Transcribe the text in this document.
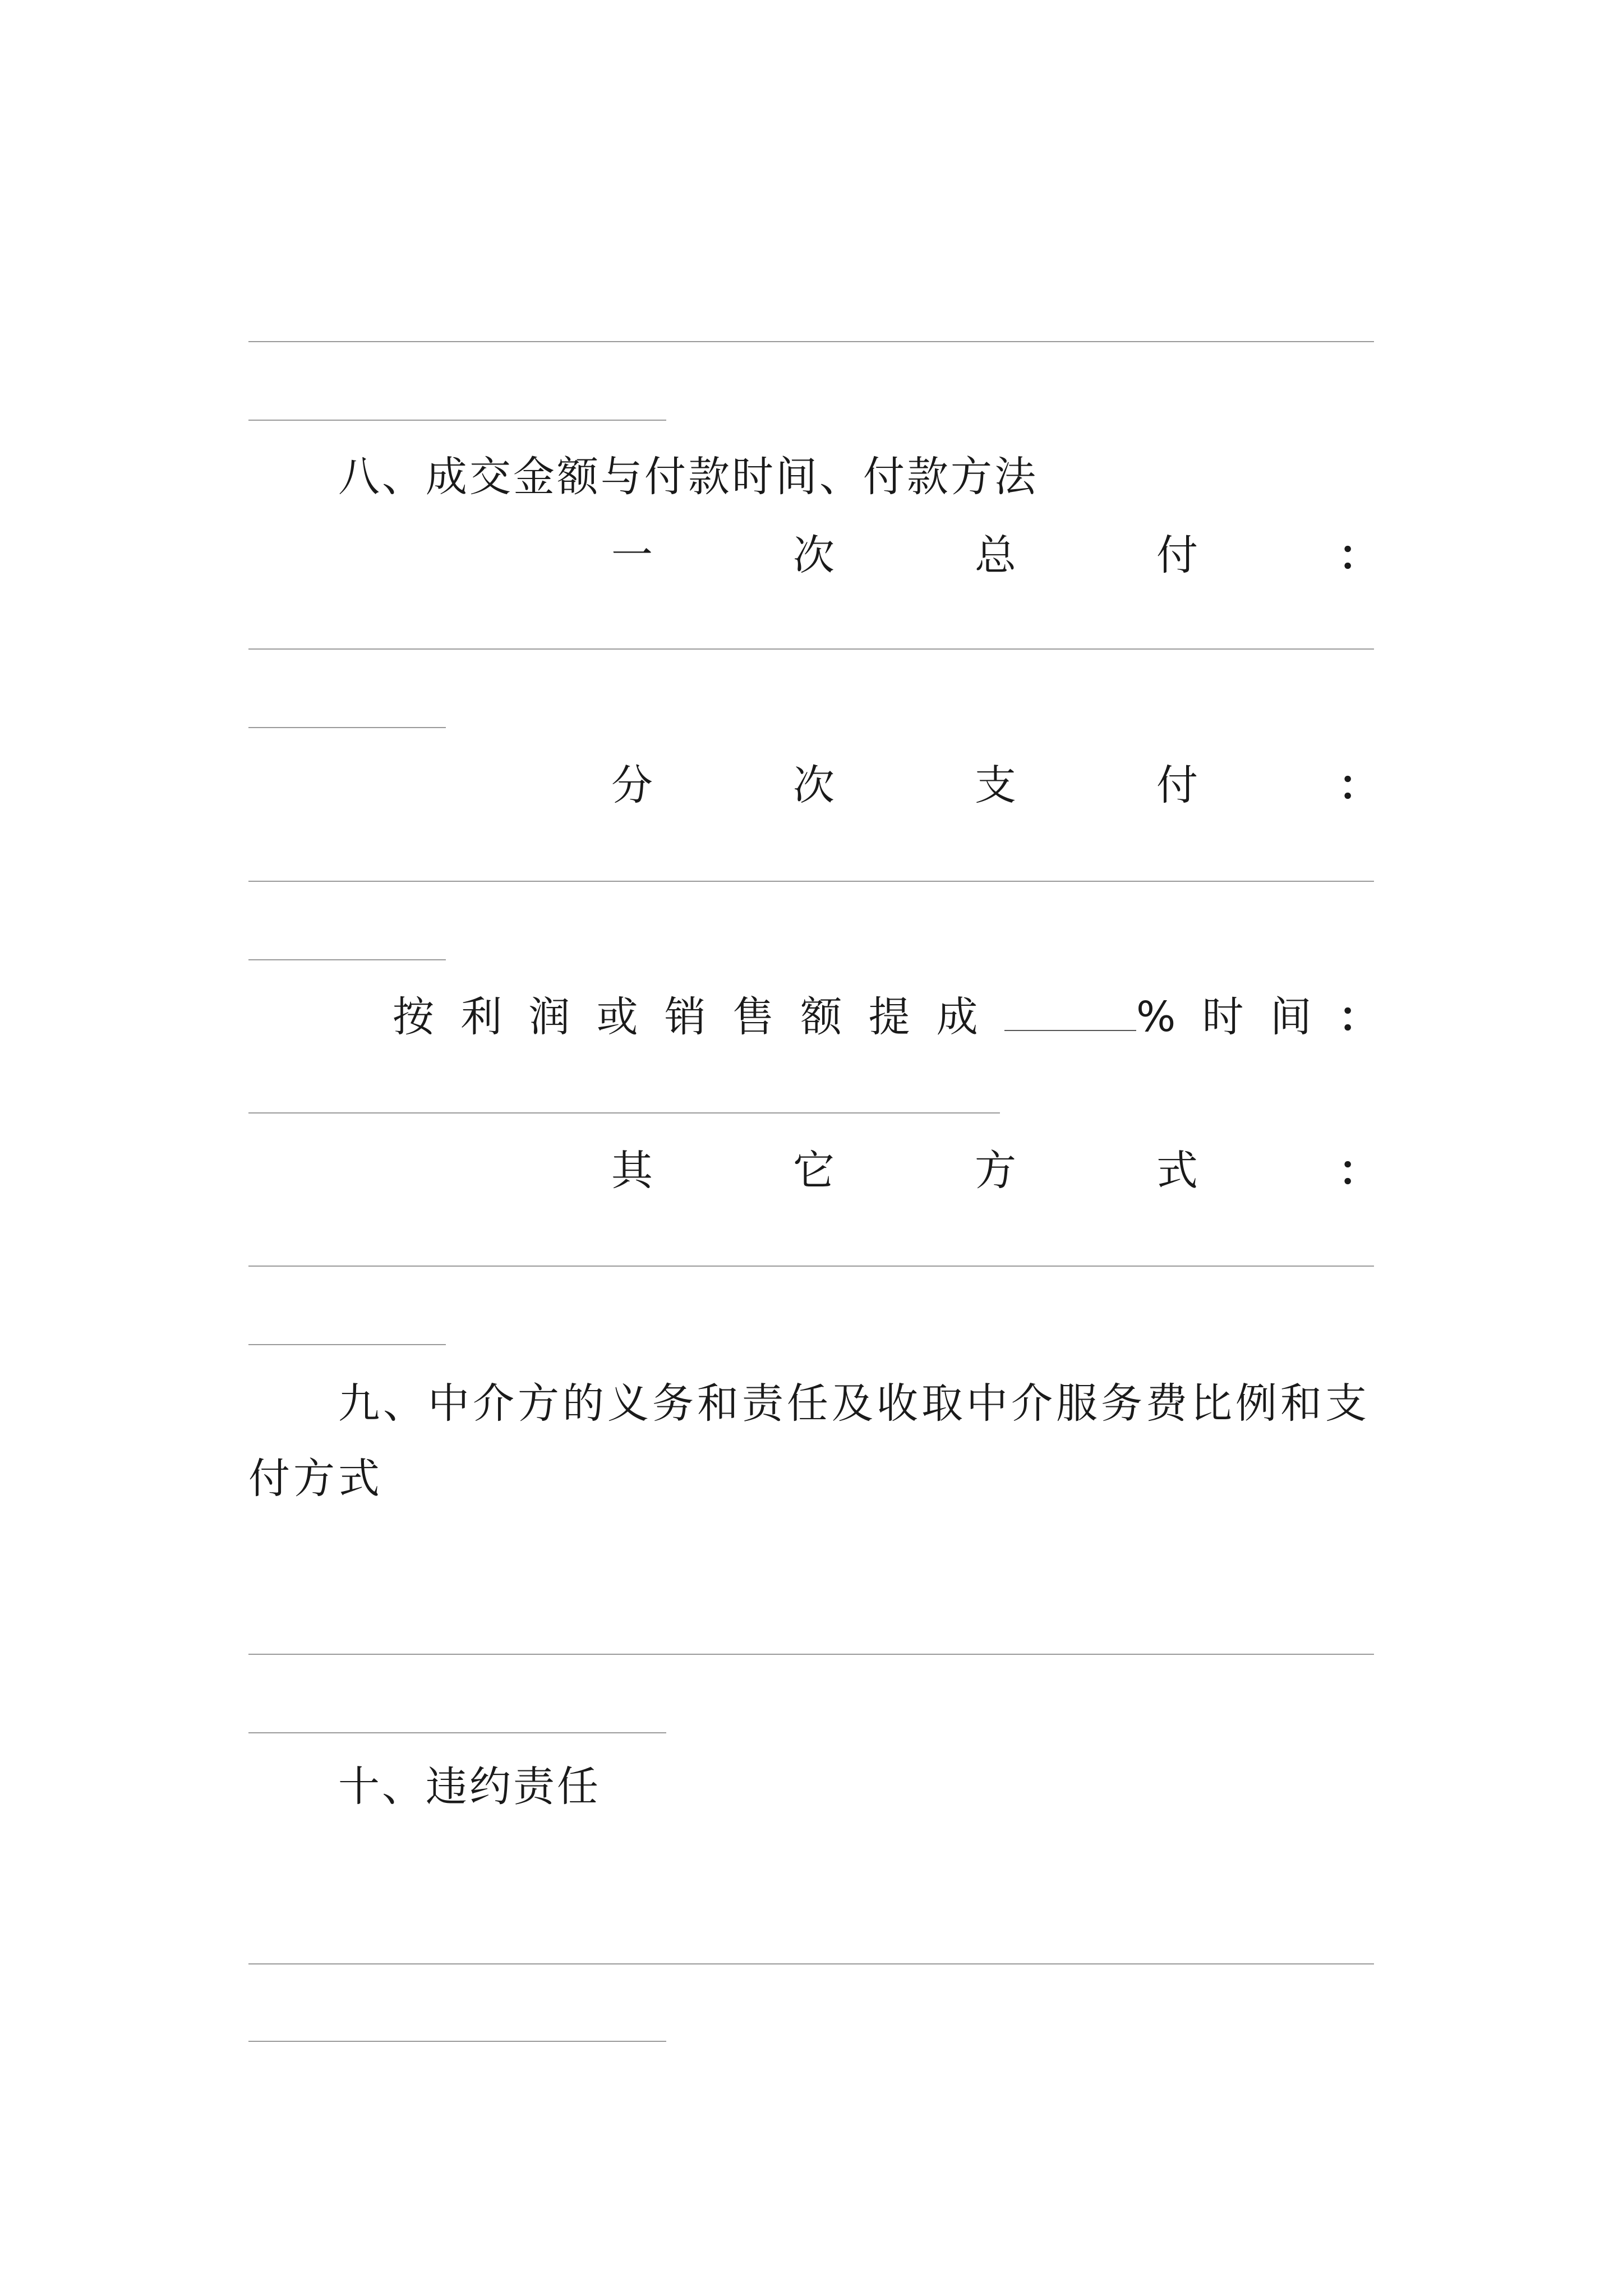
八、成交金额与付款时间、付款方法
一	次	总	付	：
分	次	支	付	：
按 利 润 或 销 售 额 提 成	% 时 间 ：
其	它	方	式	：
九、中介方的义务和责任及收取中介服务费比例和支付方式
十、违约责任
